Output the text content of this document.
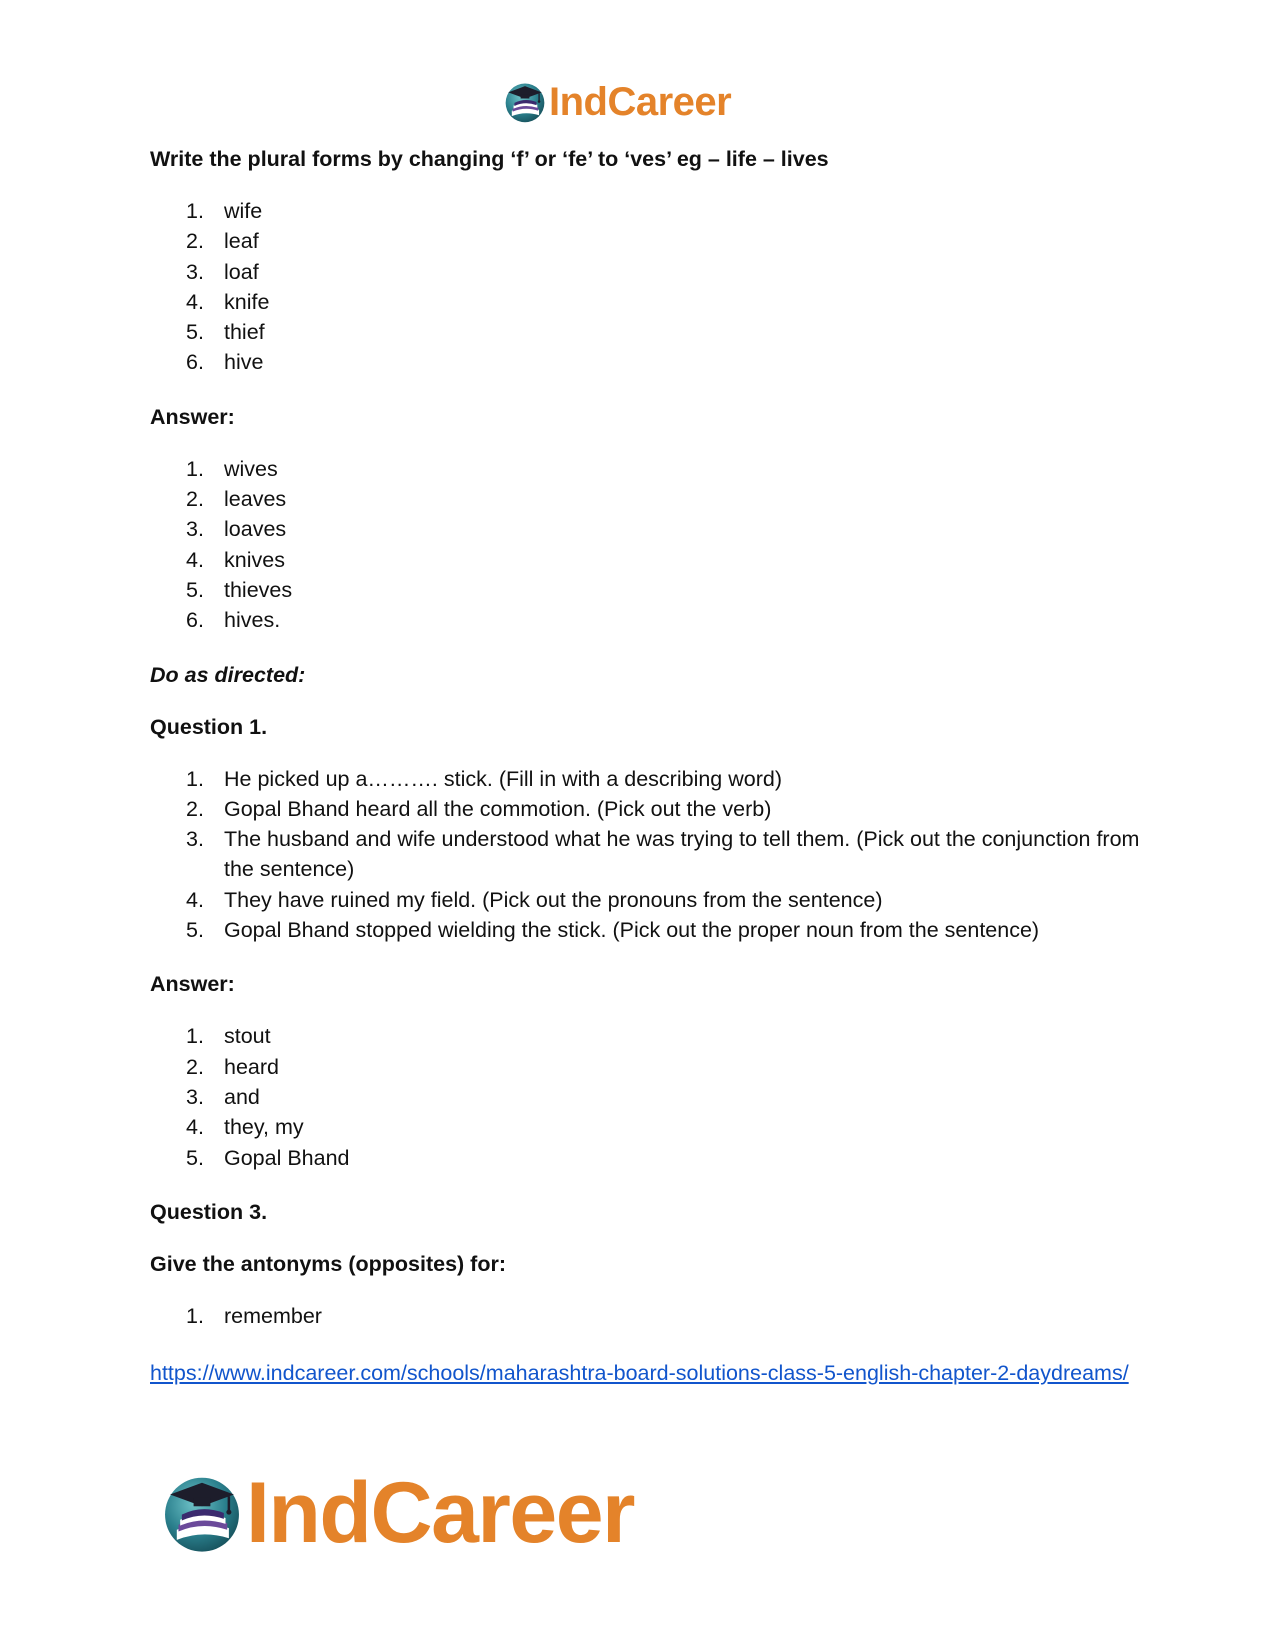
IndCareer
Write the plural forms by changing ‘f’ or ‘fe’ to ‘ves’ eg – life – lives
1. wife
2. leaf
3. loaf
4. knife
5. thief
6. hive
Answer:
1. wives
2. leaves
3. loaves
4. knives
5. thieves
6. hives.
Do as directed:
Question 1.
1. He picked up a………. stick. (Fill in with a describing word)
2. Gopal Bhand heard all the commotion. (Pick out the verb)
3. The husband and wife understood what he was trying to tell them. (Pick out the conjunction from the sentence)
4. They have ruined my field. (Pick out the pronouns from the sentence)
5. Gopal Bhand stopped wielding the stick. (Pick out the proper noun from the sentence)
Answer:
1. stout
2. heard
3. and
4. they, my
5. Gopal Bhand
Question 3.
Give the antonyms (opposites) for:
1. remember
https://www.indcareer.com/schools/maharashtra-board-solutions-class-5-english-chapter-2-daydreams/
IndCareer
